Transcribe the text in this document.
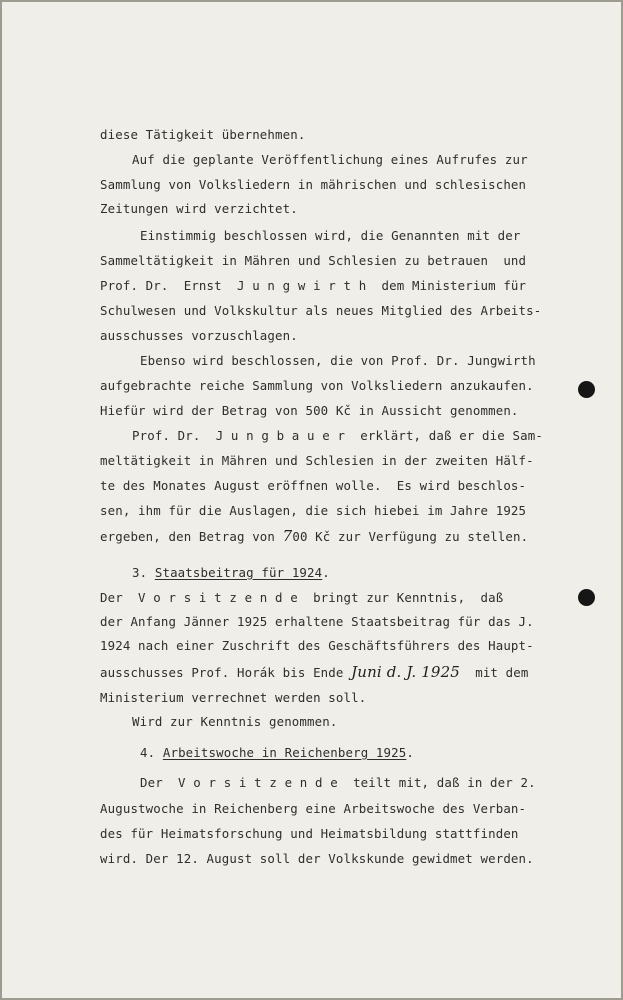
diese Tätigkeit übernehmen.
Auf die geplante Veröffentlichung eines Aufrufes zur
Sammlung von Volksliedern in mährischen und schlesischen
Zeitungen wird verzichtet.
Einstimmig beschlossen wird, die Genannten mit der
Sammeltätigkeit in Mähren und Schlesien zu betrauen  und
Prof. Dr.  Ernst  J u n g w i r t h  dem Ministerium für
Schulwesen und Volkskultur als neues Mitglied des Arbeits-
ausschusses vorzuschlagen.
Ebenso wird beschlossen, die von Prof. Dr. Jungwirth
aufgebrachte reiche Sammlung von Volksliedern anzukaufen.
Hiefür wird der Betrag von 500 Kč in Aussicht genommen.
Prof. Dr.  J u n g b a u e r  erklärt, daß er die Sam-
meltätigkeit in Mähren und Schlesien in der zweiten Hälf-
te des Monates August eröffnen wolle.  Es wird beschlos-
sen, ihm für die Auslagen, die sich hiebei im Jahre 1925
ergeben, den Betrag von 700 Kč zur Verfügung zu stellen.
3. Staatsbeitrag für 1924.
Der  V o r s i t z e n d e  bringt zur Kenntnis,  daß
der Anfang Jänner 1925 erhaltene Staatsbeitrag für das J.
1924 nach einer Zuschrift des Geschäftsführers des Haupt-
ausschusses Prof. Horák bis Ende Juni d. J. 1925  mit dem
Ministerium verrechnet werden soll.
Wird zur Kenntnis genommen.
4. Arbeitswoche in Reichenberg 1925.
Der  V o r s i t z e n d e  teilt mit, daß in der 2.
Augustwoche in Reichenberg eine Arbeitswoche des Verban-
des für Heimatsforschung und Heimatsbildung stattfinden
wird. Der 12. August soll der Volkskunde gewidmet werden.
